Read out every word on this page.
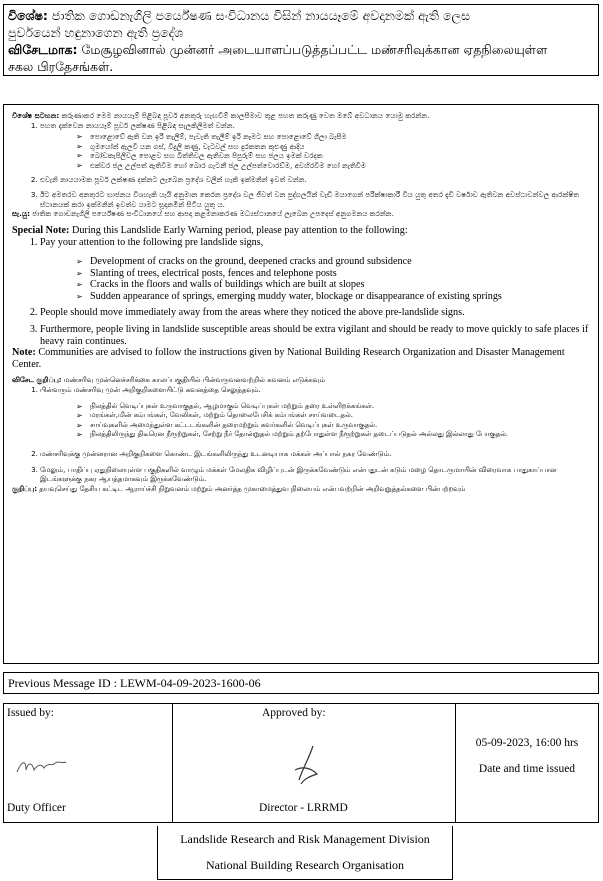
විශේෂ: ජාතික ගොඩනැගිලි පර්යේෂණ සංවිධානය විසින් නායයෑමේ අවදානමක් ඇති ලෙස
පුර්වයෙන් හඳුනාගෙන ඇති ප්‍රදේශ
விசேடமாக: மேசூழவினால் முன்னர் அடையாளப்படுத்தப்பட்ட மண்சரிவுக்கான ஏதநிலையுள்ள
சகல பிரதேசங்கள்.
විශේෂ සටහන: කරුණාකර මෙම නායයෑම් පිළිබඳ පූර්ව අනතුරු හැඟවීම් කාලසීමාව තුළ පහත කරුණු වෙත ඔබේ අවධානය යොමු කරන්න.
1. පහත දැක්වෙන නායයෑම් පූර්ව ලක්ෂණ පිළිබඳ සැලකිලිමත් වන්න.
➢ පොළොවේ ඇති වන ඉරි තැලීම්, පැවැති තැලීම් ඉරි නෑමට සහ පොළොවේ ගිලා බැසීම
➢ ගුමයෝන් ඇලවී යන ගස්, විදුලි කණු, වැටවල් සහ දුරකතන කුළුණු ආදිය
➢ බෝඩකැපිලිවල පොළව සහ බිත්තිවල ඇතිවන පිපුරුම් සහ ජලය ඉමක් වරදක
➢ එක්වර ජල උල්පත් ඇතිවීම හෝ බොර ගැටනී ජල උල්පත්වොරඩ්ම, අවහිරවීම හෝ නැතිවීම
2. එවැනි නායයාමක පූර්ව ලක්ෂණ දක්නට ලැබෙන ප්‍රදේශ වලින් හැකි ඉක්මනින් ඉවත් වන්න.
3. ඊට අමතරව අනතුරට භාජනය විශහැකි යැයි අනුමාන කෙරන ප්‍රදේශ වල ජීවත් වන පුද්ගලයින් වැඩි මයාගෙන් පරික්ෂාකාරී විය යුතු අතර දැඩි වර්ෂාව ඇතිවන අවස්ථාවන්වල ආරක්ෂිත ස්ථානයක් කරා ඉක්මනින් ඉවත්ව යාමට සූදානමින් සිටිය යුතු ය.
සැ.යු: ජාතික ගොඩනැගිලි පර්යේෂණ සංවිධානයේ සහ ආපදා කළමනාකරණ මධ්‍යස්ථානයේ ලැබෙන උපදෙස් අනුගමනය කරන්න.
Special Note: During this Landslide Early Warning period, please pay attention to the following:
1. Pay your attention to the following pre landslide signs,
➢ Development of cracks on the ground, deepened cracks and ground subsidence
➢ Slanting of trees, electrical posts, fences and telephone posts
➢ Cracks in the floors and walls of buildings which are built at slopes
➢ Sudden appearance of springs, emerging muddy water, blockage or disappearance of existing springs
2. People should move immediately away from the areas where they noticed the above pre-landslide signs.
3. Furthermore, people living in landslide susceptible areas should be extra vigilant and should be ready to move quickly to safe places if heavy rain continues.
Note: Communities are advised to follow the instructions given by National Building Research Organization and Disaster Management Center.
விசேட குறிப்பு: மண்சரிவு முன்னெச்சரிக்கை காலப்பகுதியில் பின்வருவனவற்றில் கவனம் எடுக்கவும்
1. பின்வரும் மண்சரிவு முன் அறிகுறிகளையிட்டு கவனத்தை செலுத்தவும்.
➢ நிலத்தில் வெடிப்புகள் உருவாகுதல், ஆழமாகும் வெடிப்புகள் மற்றும் தரை உள்ளிறக்கங்கள்.
➢ மரங்கள்,மின் கம்பங்கள், வேலிகள், மற்றும் தொலைபேசிக் கம்பங்கள் சாய்வடைதல்.
➢ சாய்வுகளில் அமைந்துள்ள கட்டடங்களின் தரைமற்றும் சுவர்களில் வெடிப்புகள் உருவாகுதல்.
➢ நிலத்திலிருந்து திடீரென நீரூற்றுகள், சேற்று நீர் தோன்றுதல் மற்றும் தற்போதுள்ள நீரூற்றுகள் தடைப்படுதல் அல்லது இல்லாது போகுதல்.
2. மண்சரிவுக்கு முன்னரான அறிகுறிகளை கொண்ட இடங்களிலிருந்து உடனடியாக மக்கள் அப்பால் நகர வேண்டும்.
3. மேலும், பாதிப்பு ஏதுநிலையுள்ள பகுதிகளில் வாழும் மக்கள் மேலதிக விழிப்புடன் இருக்கவேண்டும் என்பதுடன் கடும் மழை தொடருமாயின் விரைவாக பாதுகாப்பான இடங்களுக்கு நகர ஆயத்தமாகவும் இருக்கவேண்டும்.
குறிப்பு: தயவுசெய்து தேசிய கட்டிட ஆராய்ச்சி நிறுவனம் மற்றும் அனர்த்த முகாமைத்துவ நிலையம் என்பவற்றின் அறிவுறுத்தல்களை பின்பற்றவும்
Previous Message ID : LEWM-04-09-2023-1600-06
Issued by:
Duty Officer

Approved by:
Director - LRRMD

05-09-2023, 16:00 hrs
Date and time issued
Landslide Research and Risk Management Division
National Building Research Organisation
